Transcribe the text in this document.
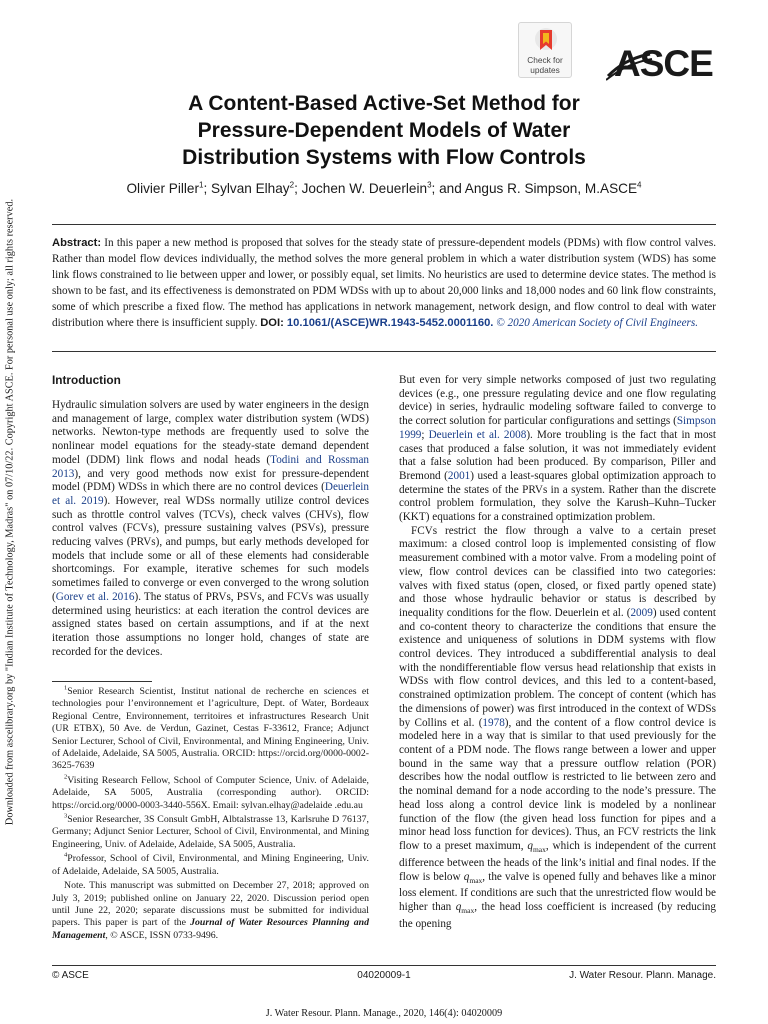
Downloaded from ascelibrary.org by "Indian Institute of Technology, Madras" on 07/10/22. Copyright ASCE. For personal use only; all rights reserved.
Check for
updates	ASCE
A Content-Based Active-Set Method for
Pressure-Dependent Models of Water
Distribution Systems with Flow Controls
Olivier Piller$^1$; Sylvan Elhay$^2$; Jochen W. Deuerlein$^3$; and Angus R. Simpson, M.ASCE$^4$
Abstract: In this paper a new method is proposed that solves for the steady state of pressure-dependent models (PDMs) with flow control valves. Rather than model flow devices individually, the method solves the more general problem in which a water distribution system (WDS) has some link flows constrained to lie between upper and lower, or possibly equal, set limits. No heuristics are used to determine device states. The method is shown to be fast, and its effectiveness is demonstrated on PDM WDSs with up to about 20,000 links and 18,000 nodes and 60 link flow constraints, some of which prescribe a fixed flow. The method has applications in network management, network design, and flow control to deal with water distribution where there is insufficient supply. DOI: 10.1061/(ASCE)WR.1943-5452.0001160. © 2020 American Society of Civil Engineers.
Introduction

Hydraulic simulation solvers are used by water engineers in the design and management of large, complex water distribution system (WDS) networks. Newton-type methods are frequently used to solve the nonlinear model equations for the steady-state demand dependent model (DDM) link flows and nodal heads (Todini and Rossman 2013), and very good methods now exist for pressure-dependent model (PDM) WDSs in which there are no control devices (Deuerlein et al. 2019). However, real WDSs normally utilize control devices such as throttle control valves (TCVs), check valves (CHVs), flow control valves (FCVs), pressure sustaining valves (PSVs), pressure reducing valves (PRVs), and pumps, but early methods developed for models that include some or all of these elements had considerable shortcomings. For example, iterative schemes for such models sometimes failed to converge or even converged to the wrong solution (Gorev et al. 2016). The status of PRVs, PSVs, and FCVs was usually determined using heuristics: at each iteration the control devices are assigned states based on certain assumptions, and if at the next iteration those assumptions no longer hold, changes of state are recorded for the devices.

$^1$Senior Research Scientist, Institut national de recherche en sciences et technologies pour l’environnement et l’agriculture, Dept. of Water, Bordeaux Regional Centre, Environnement, territoires et infrastructures Research Unit (UR ETBX), 50 Ave. de Verdun, Gazinet, Cestas F-33612, France; Adjunct Senior Lecturer, School of Civil, Environmental, and Mining Engineering, Univ. of Adelaide, Adelaide, SA 5005, Australia. ORCID: https://orcid.org/0000-0002-3625-7639

$^2$Visiting Research Fellow, School of Computer Science, Univ. of Adelaide, Adelaide, SA 5005, Australia (corresponding author). ORCID: https://orcid.org/0000-0003-3440-556X. Email: sylvan.elhay@adelaide .edu.au

$^3$Senior Researcher, 3S Consult GmbH, Albtalstrasse 13, Karlsruhe D 76137, Germany; Adjunct Senior Lecturer, School of Civil, Environmental, and Mining Engineering, Univ. of Adelaide, Adelaide, SA 5005, Australia.

$^4$Professor, School of Civil, Environmental, and Mining Engineering, Univ. of Adelaide, Adelaide, SA 5005, Australia.

Note. This manuscript was submitted on December 27, 2018; approved on July 3, 2019; published online on January 22, 2020. Discussion period open until June 22, 2020; separate discussions must be submitted for individual papers. This paper is part of the Journal of Water Resources Planning and Management, © ASCE, ISSN 0733-9496.

But even for very simple networks composed of just two regulating devices (e.g., one pressure regulating device and one flow regulating device) in series, hydraulic modeling software failed to converge to the correct solution for particular configurations and settings (Simpson 1999; Deuerlein et al. 2008). More troubling is the fact that in most cases that produced a false solution, it was not immediately evident that a false solution had been produced. By comparison, Piller and Bremond (2001) used a least-squares global optimization approach to determine the states of the PRVs in a system. Rather than the discrete control problem formulation, they solve the Karush–Kuhn–Tucker (KKT) equations for a constrained optimization problem.

FCVs restrict the flow through a valve to a certain preset maximum: a closed control loop is implemented consisting of flow measurement combined with a motor valve. From a modeling point of view, flow control devices can be classified into two categories: valves with fixed status (open, closed, or fixed partly opened state) and those whose hydraulic behavior or status is described by inequality conditions for the flow. Deuerlein et al. (2009) used content and co-content theory to characterize the conditions that ensure the existence and uniqueness of solutions in DDM systems with flow control devices. They introduced a subdifferential analysis to deal with the nondifferentiable flow versus head relationship that exists in WDSs with flow control devices, and this led to a content-based, constrained optimization problem. The concept of content (which has the dimensions of power) was first introduced in the context of WDSs by Collins et al. (1978), and the content of a flow control device is modeled here in a way that is similar to that used previously for the content of a PDM node. The flows range between a lower and upper bound in the same way that a pressure outflow relation (POR) describes how the nodal outflow is restricted to lie between zero and the nominal demand for a node according to the node’s pressure. The head loss along a control device link is modeled by a nonlinear function of the flow (the given head loss function for pipes and a minor head loss function for devices). Thus, an FCV restricts the link flow to a preset maximum, $q_{max}$, which is independent of the current difference between the heads of the link’s initial and final nodes. If the flow is below $q_{max}$, the valve is opened fully and behaves like a minor loss element. If conditions are such that the unrestricted flow would be higher than $q_{max}$, the head loss coefficient is increased (by reducing the opening

© ASCE	04020009-1	J. Water Resour. Plann. Manage.
J. Water Resour. Plann. Manage., 2020, 146(4): 04020009
